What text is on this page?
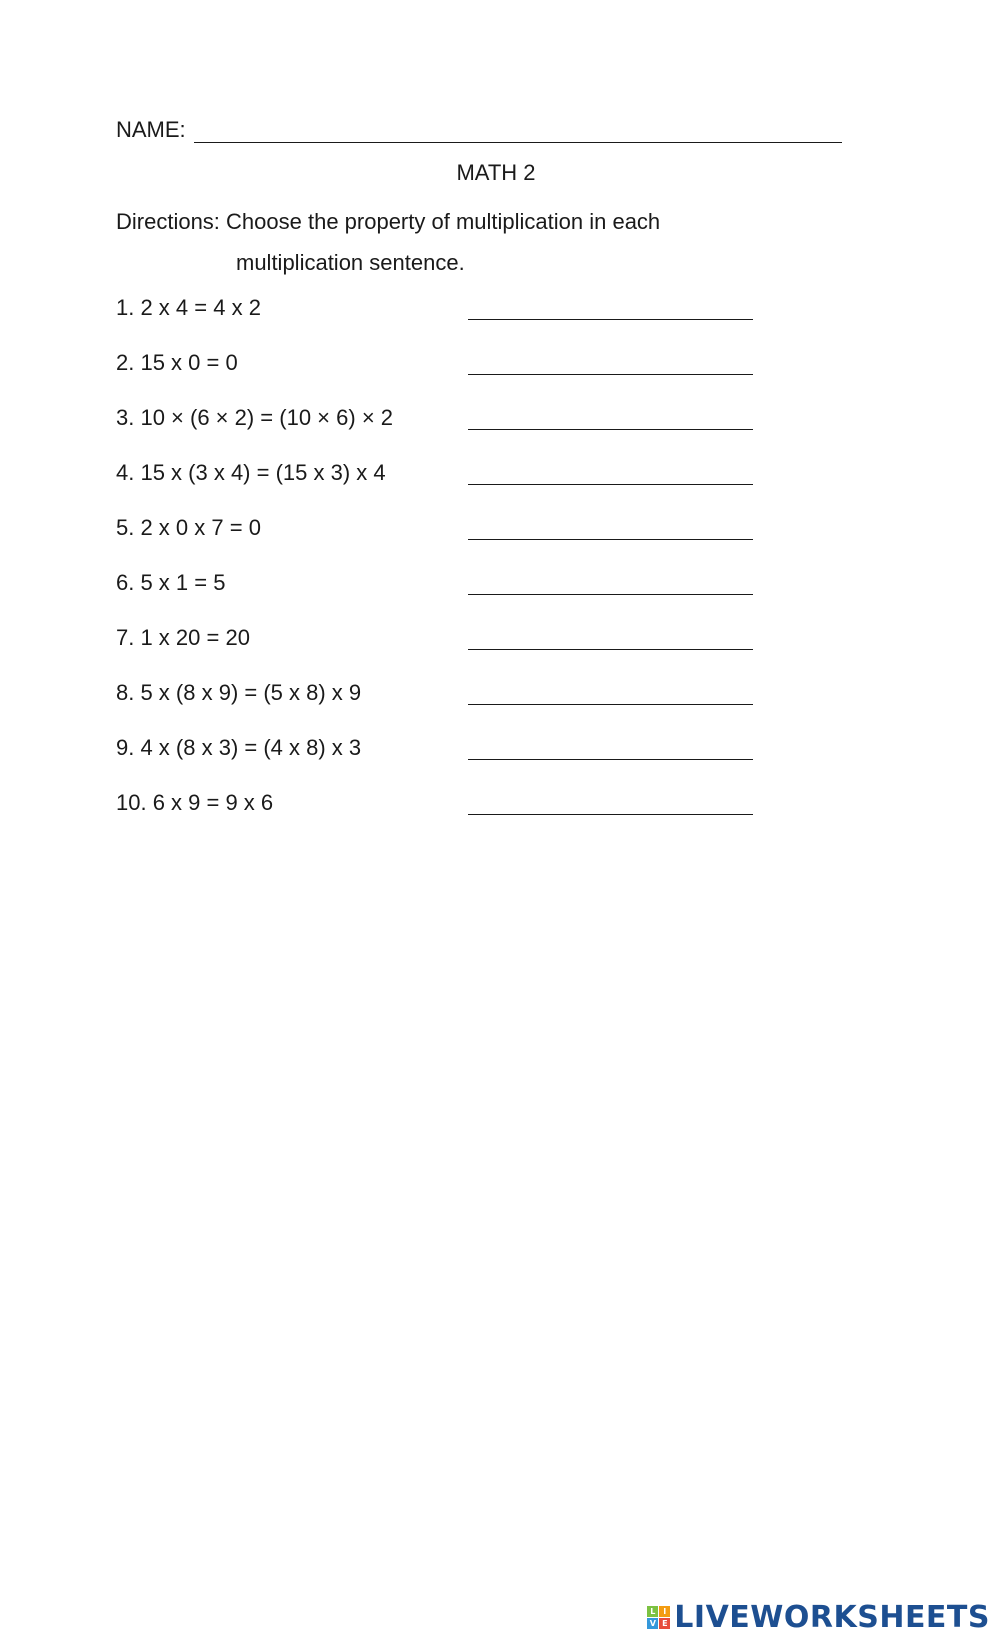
NAME:
MATH 2
Directions: Choose the property of multiplication in each
multiplication sentence.
1. 2 x 4 = 4 x 2
2. 15 x 0 = 0
3. 10 × (6 × 2) = (10 × 6) × 2
4. 15 x (3 x 4) = (15 x 3) x 4
5. 2 x 0 x 7 = 0
6. 5 x 1 = 5
7. 1 x 20 = 20
8. 5 x (8 x 9) = (5 x 8) x 9
9. 4 x (8 x 3) = (4 x 8) x 3
10. 6 x 9 = 9 x 6
L I
V E LIVEWORKSHEETS
